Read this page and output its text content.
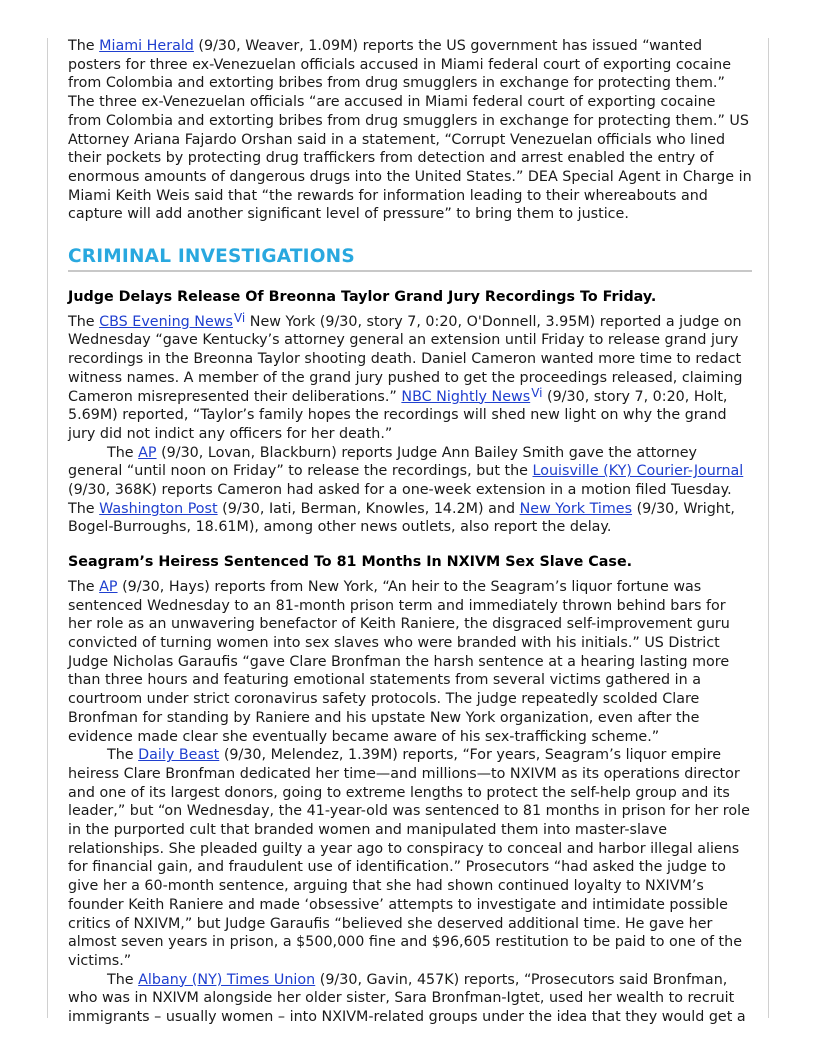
The Miami Herald (9/30, Weaver, 1.09M) reports the US government has issued “wanted posters for three ex-Venezuelan officials accused in Miami federal court of exporting cocaine from Colombia and extorting bribes from drug smugglers in exchange for protecting them.” The three ex-Venezuelan officials “are accused in Miami federal court of exporting cocaine from Colombia and extorting bribes from drug smugglers in exchange for protecting them.” US Attorney Ariana Fajardo Orshan said in a statement, “Corrupt Venezuelan officials who lined their pockets by protecting drug traffickers from detection and arrest enabled the entry of enormous amounts of dangerous drugs into the United States.” DEA Special Agent in Charge in Miami Keith Weis said that “the rewards for information leading to their whereabouts and capture will add another significant level of pressure” to bring them to justice.

CRIMINAL INVESTIGATIONS
Judge Delays Release Of Breonna Taylor Grand Jury Recordings To Friday.

The CBS Evening News$^{Vi}$ New York (9/30, story 7, 0:20, O'Donnell, 3.95M) reported a judge on Wednesday “gave Kentucky’s attorney general an extension until Friday to release grand jury recordings in the Breonna Taylor shooting death. Daniel Cameron wanted more time to redact witness names. A member of the grand jury pushed to get the proceedings released, claiming Cameron misrepresented their deliberations.” NBC Nightly News$^{Vi}$ (9/30, story 7, 0:20, Holt, 5.69M) reported, “Taylor’s family hopes the recordings will shed new light on why the grand jury did not indict any officers for her death.”

The AP (9/30, Lovan, Blackburn) reports Judge Ann Bailey Smith gave the attorney general “until noon on Friday” to release the recordings, but the Louisville (KY) Courier-Journal (9/30, 368K) reports Cameron had asked for a one-week extension in a motion filed Tuesday. The Washington Post (9/30, Iati, Berman, Knowles, 14.2M) and New York Times (9/30, Wright, Bogel-Burroughs, 18.61M), among other news outlets, also report the delay.

Seagram’s Heiress Sentenced To 81 Months In NXIVM Sex Slave Case.

The AP (9/30, Hays) reports from New York, “An heir to the Seagram’s liquor fortune was sentenced Wednesday to an 81-month prison term and immediately thrown behind bars for her role as an unwavering benefactor of Keith Raniere, the disgraced self-improvement guru convicted of turning women into sex slaves who were branded with his initials.” US District Judge Nicholas Garaufis “gave Clare Bronfman the harsh sentence at a hearing lasting more than three hours and featuring emotional statements from several victims gathered in a courtroom under strict coronavirus safety protocols. The judge repeatedly scolded Clare Bronfman for standing by Raniere and his upstate New York organization, even after the evidence made clear she eventually became aware of his sex-trafficking scheme.”

The Daily Beast (9/30, Melendez, 1.39M) reports, “For years, Seagram’s liquor empire heiress Clare Bronfman dedicated her time—and millions—to NXIVM as its operations director and one of its largest donors, going to extreme lengths to protect the self-help group and its leader,” but “on Wednesday, the 41-year-old was sentenced to 81 months in prison for her role in the purported cult that branded women and manipulated them into master-slave relationships. She pleaded guilty a year ago to conspiracy to conceal and harbor illegal aliens for financial gain, and fraudulent use of identification.” Prosecutors “had asked the judge to give her a 60-month sentence, arguing that she had shown continued loyalty to NXIVM’s founder Keith Raniere and made ‘obsessive’ attempts to investigate and intimidate possible critics of NXIVM,” but Judge Garaufis “believed she deserved additional time. He gave her almost seven years in prison, a $500,000 fine and $96,605 restitution to be paid to one of the victims.”

The Albany (NY) Times Union (9/30, Gavin, 457K) reports, “Prosecutors said Bronfman, who was in NXIVM alongside her older sister, Sara Bronfman-Igtet, used her wealth to recruit immigrants – usually women – into NXIVM-related groups under the idea that they would get a
